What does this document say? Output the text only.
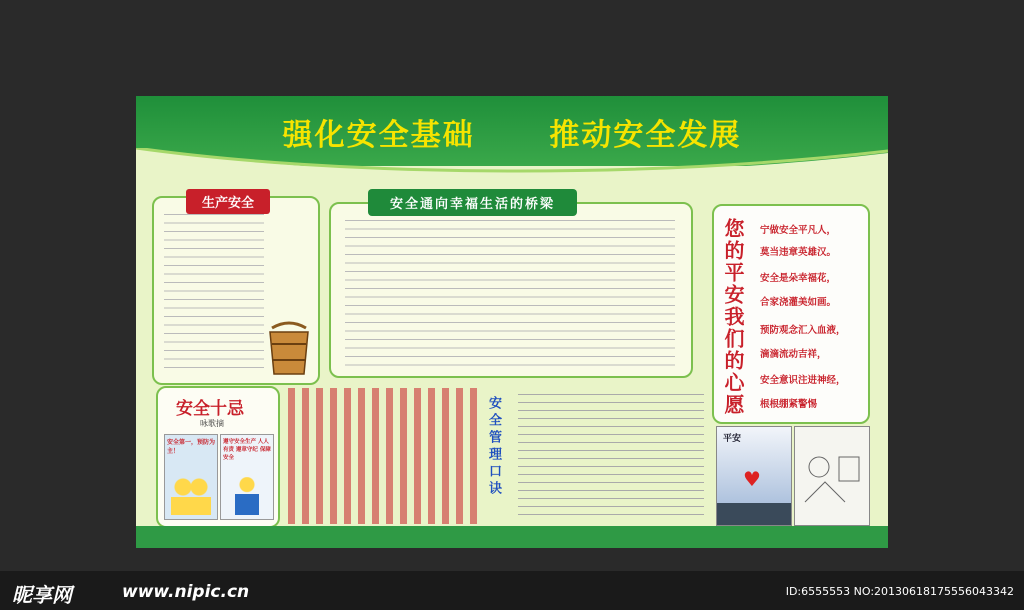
强化安全基础      推动安全发展
生产安全	安全通向幸福生活的桥梁
您的平安我们的心愿 宁做安全平凡人，
莫当违章英雄汉。
安全是朵幸福花，
合家浇灌美如画。
预防观念汇入血液，
滴滴流动吉祥，
安全意识注进神经，
根根绷紧警惕
平安
♥
安全十忌
咏歌摘
安全第一，预防为主！
遵守安全生产 人人有责 遵章守纪 保障安全	安全管理口诀
昵享网	www.nipic.cn	ID:6555553 NO:20130618175556043342
